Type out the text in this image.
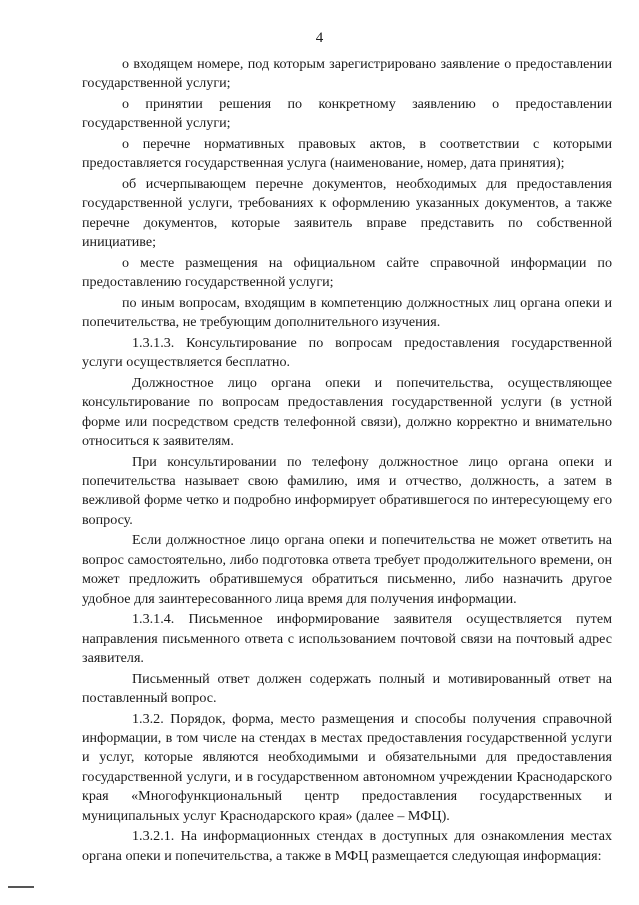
4

о входящем номере, под которым зарегистрировано заявление о предоставлении государственной услуги;

о принятии решения по конкретному заявлению о предоставлении государственной услуги;

о перечне нормативных правовых актов, в соответствии с которыми предоставляется государственная услуга (наименование, номер, дата принятия);

об исчерпывающем перечне документов, необходимых для предоставления государственной услуги, требованиях к оформлению указанных документов, а также перечне документов, которые заявитель вправе представить по собственной инициативе;

о месте размещения на официальном сайте справочной информации по предоставлению государственной услуги;

по иным вопросам, входящим в компетенцию должностных лиц органа опеки и попечительства, не требующим дополнительного изучения.

1.3.1.3. Консультирование по вопросам предоставления государственной услуги осуществляется бесплатно.

Должностное лицо органа опеки и попечительства, осуществляющее консультирование по вопросам предоставления государственной услуги (в устной форме или посредством средств телефонной связи), должно корректно и внимательно относиться к заявителям.

При консультировании по телефону должностное лицо органа опеки и попечительства называет свою фамилию, имя и отчество, должность, а затем в вежливой форме четко и подробно информирует обратившегося по интересующему его вопросу.

Если должностное лицо органа опеки и попечительства не может ответить на вопрос самостоятельно, либо подготовка ответа требует продолжительного времени, он может предложить обратившемуся обратиться письменно, либо назначить другое удобное для заинтересованного лица время для получения информации.

1.3.1.4. Письменное информирование заявителя осуществляется путем направления письменного ответа с использованием почтовой связи на почтовый адрес заявителя.

Письменный ответ должен содержать полный и мотивированный ответ на поставленный вопрос.

1.3.2. Порядок, форма, место размещения и способы получения справочной информации, в том числе на стендах в местах предоставления государственной услуги и услуг, которые являются необходимыми и обязательными для предоставления государственной услуги, и в государственном автономном учреждении Краснодарского края «Многофункциональный центр предоставления государственных и муниципальных услуг Краснодарского края» (далее – МФЦ).

1.3.2.1. На информационных стендах в доступных для ознакомления местах органа опеки и попечительства, а также в МФЦ размещается следующая информация:
